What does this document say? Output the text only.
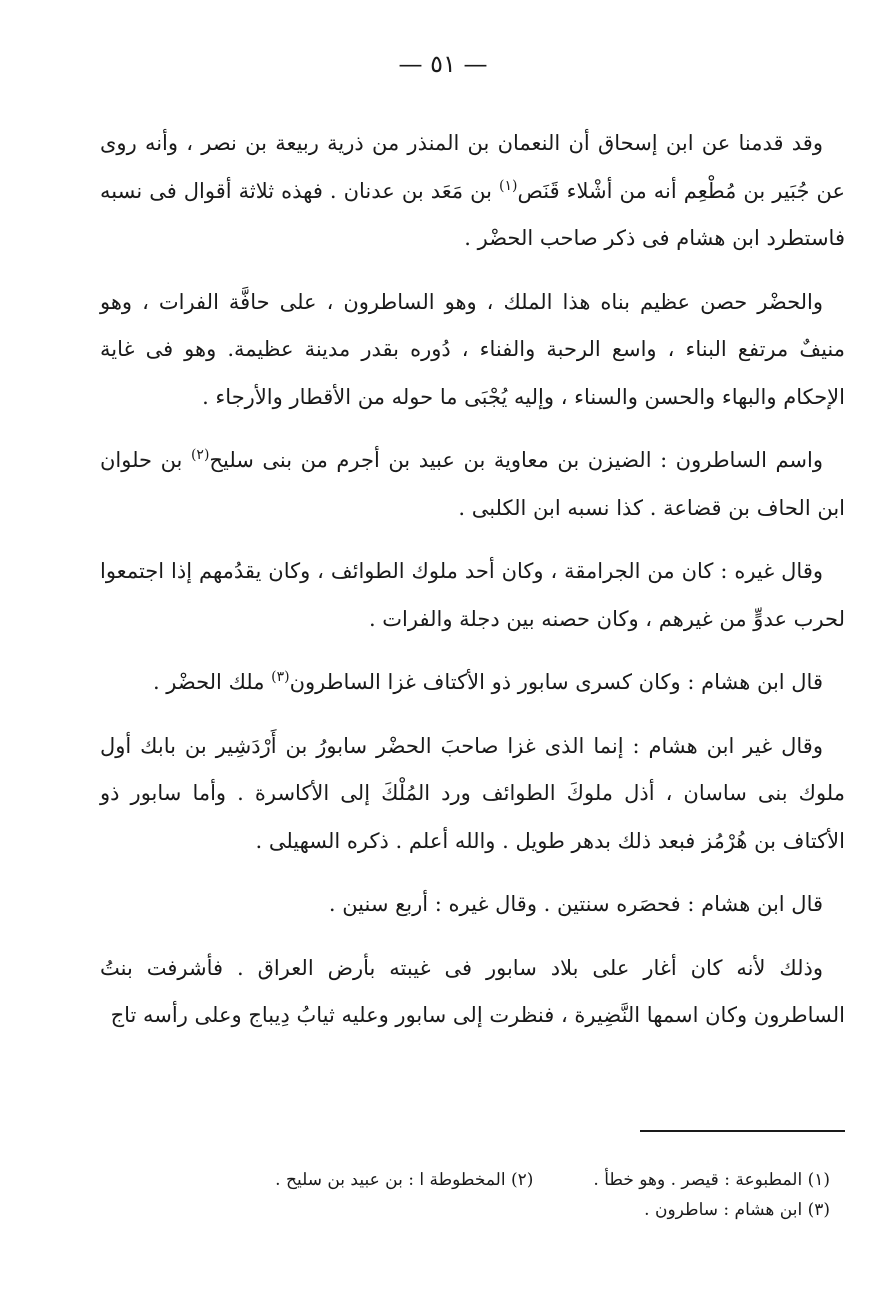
— ٥١ —

وقد قدمنا عن ابن إسحاق أن النعمان بن المنذر من ذرية ربيعة بن نصر ، وأنه روى عن جُبَير بن مُطْعِم أنه من أشْلاء قَنَص$^{(١)}$ بن مَعَد بن عدنان . فهذه ثلاثة أقوال فى نسبه فاستطرد ابن هشام فى ذكر صاحب الحضْر .

والحضْر حصن عظيم بناه هذا الملك ، وهو الساطرون ، على حافَّة الفرات ، وهو منيفٌ مرتفع البناء ، واسع الرحبة والفناء ، دُوره بقدر مدينة عظيمة. وهو فى غاية الإحكام والبهاء والحسن والسناء ، وإليه يُجْبَى ما حوله من الأقطار والأرجاء .

واسم الساطرون : الضيزن بن معاوية بن عبيد بن أجرم من بنى سليح$^{(٢)}$ بن حلوان ابن الحاف بن قضاعة . كذا نسبه ابن الكلبى .

وقال غيره : كان من الجرامقة ، وكان أحد ملوك الطوائف ، وكان يقدُمهم إذا اجتمعوا لحرب عدوٍّ من غيرهم ، وكان حصنه بين دجلة والفرات .

قال ابن هشام : وكان كسرى سابور ذو الأكتاف غزا الساطرون$^{(٣)}$ ملك الحضْر .

وقال غير ابن هشام : إنما الذى غزا صاحبَ الحضْر سابورُ بن أَرْدَشِير بن بابك أول ملوك بنى ساسان ، أذل ملوكَ الطوائف ورد المُلْكَ إلى الأكاسرة . وأما سابور ذو الأكتاف بن هُرْمُز فبعد ذلك بدهر طويل . والله أعلم . ذكره السهيلى .

قال ابن هشام : فحصَره سنتين . وقال غيره : أربع سنين .

وذلك لأنه كان أغار على بلاد سابور فى غيبته بأرض العراق . فأشرفت بنتُ الساطرون وكان اسمها النَّضِيرة ، فنظرت إلى سابور وعليه ثيابُ دِيباج وعلى رأسه تاج

(١) المطبوعة : قيصر . وهو خطأ .
(٢) المخطوطة ا : بن عبيد بن سليح .
(٣) ابن هشام : ساطرون .
